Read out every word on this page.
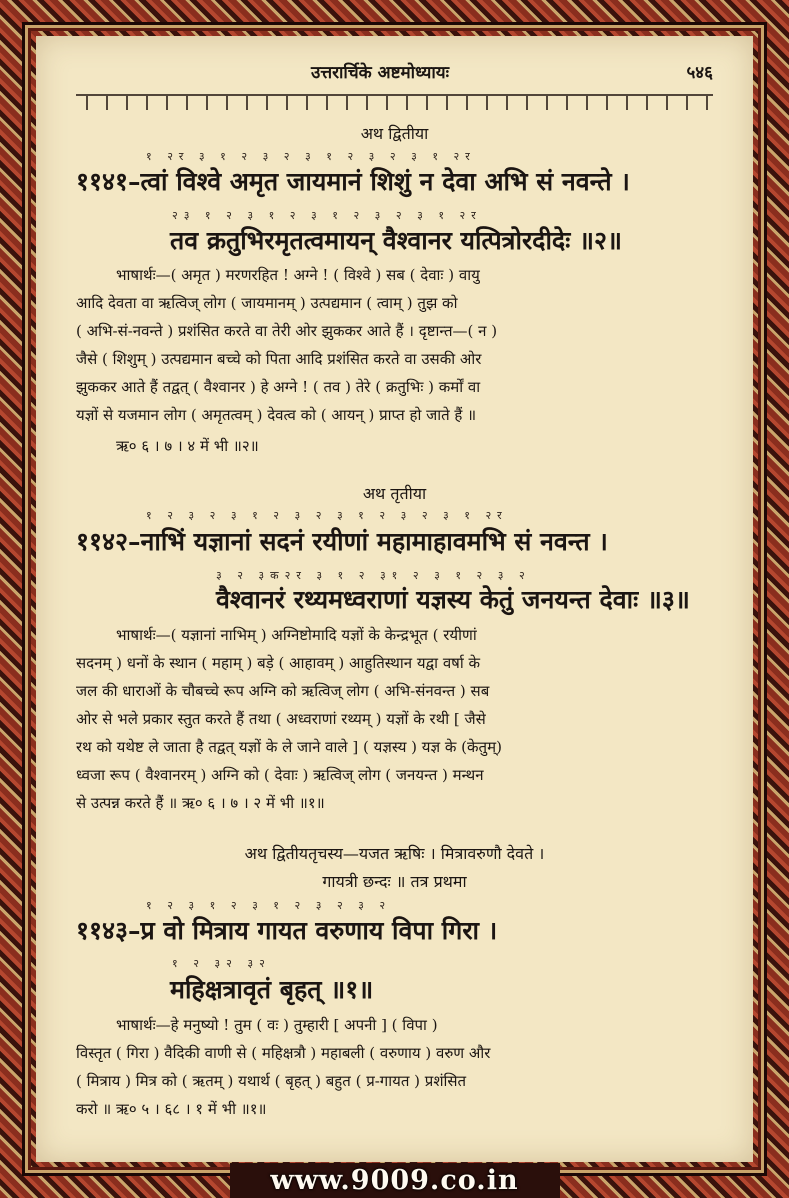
उत्तरार्चिके अष्टमोध्यायः	५४६
अथ द्वितीया
१ २र ३ १ २ ३ २ ३ १ २ ३ २ ३ १ २र
११४१–त्वां विश्वे अमृत जायमानं शिशुं न देवा अभि सं नवन्ते ।
२३ १ २ ३ १ २ ३ १ २ ३ २ ३ १ २र
तव क्रतुभिरमृतत्वमायन् वैश्वानर यत्पित्रोरदीदेः ॥२॥
भाषार्थः—( अमृत ) मरणरहित ! अग्ने ! ( विश्वे ) सब ( देवाः ) वायु
आदि देवता वा ऋत्विज् लोग ( जायमानम् ) उत्पद्यमान ( त्वाम् ) तुझ को
( अभि-सं-नवन्ते ) प्रशंसित करते वा तेरी ओर झुककर आते हैं । दृष्टान्त—( न )
जैसे ( शिशुम् ) उत्पद्यमान बच्चे को पिता आदि प्रशंसित करते वा उसकी ओर
झुककर आते हैं तद्वत् ( वैश्वानर ) हे अग्ने ! ( तव ) तेरे ( क्रतुभिः ) कर्मों वा
यज्ञों से यजमान लोग ( अमृतत्वम् ) देवत्व को ( आयन् ) प्राप्त हो जाते हैं ॥
ऋ० ६ । ७ । ४ में भी ॥२॥
अथ तृतीया
१ २ ३ २ ३ १ २ ३ २ ३ १ २ ३ २ ३ १ २र
११४२–नाभिं यज्ञानां सदनं रयीणां महामाहावमभि सं नवन्त ।
३ २ ३क२र ३ १ २ ३१ २ ३ १ २ ३ २
वैश्वानरं रथ्यमध्वराणां यज्ञस्य केतुं जनयन्त देवाः ॥३॥
भाषार्थः—( यज्ञानां नाभिम् ) अग्निष्टोमादि यज्ञों के केन्द्रभूत ( रयीणां
सदनम् ) धनों के स्थान ( महाम् ) बड़े ( आहावम् ) आहुतिस्थान यद्वा वर्षा के
जल की धाराओं के चौबच्चे रूप अग्नि को ऋत्विज् लोग ( अभि-संनवन्त ) सब
ओर से भले प्रकार स्तुत करते हैं तथा ( अध्वराणां रथ्यम् ) यज्ञों के रथी [ जैसे
रथ को यथेष्ट ले जाता है तद्वत् यज्ञों के ले जाने वाले ] ( यज्ञस्य ) यज्ञ के (केतुम्)
ध्वजा रूप ( वैश्वानरम् ) अग्नि को ( देवाः ) ऋत्विज् लोग ( जनयन्त ) मन्थन
से उत्पन्न करते हैं ॥ ऋ० ६ । ७ । २ में भी ॥१॥
अथ द्वितीयतृचस्य—यजत ऋषिः । मित्रावरुणौ देवते ।
गायत्री छन्दः ॥ तत्र प्रथमा
१ २ ३ १ २ ३ १ २ ३ २ ३ २
११४३–प्र वो मित्राय गायत वरुणाय विपा गिरा ।
१ २ ३२ ३२
महिक्षत्रावृतं बृहत् ॥१॥
भाषार्थः—हे मनुष्यो ! तुम ( वः ) तुम्हारी [ अपनी ] ( विपा )
विस्तृत ( गिरा ) वैदिकी वाणी से ( महिक्षत्रौ ) महाबली ( वरुणाय ) वरुण और
( मित्राय ) मित्र को ( ऋतम् ) यथार्थ ( बृहत् ) बहुत ( प्र-गायत ) प्रशंसित
करो ॥ ऋ० ५ । ६८ । १ में भी ॥१॥
www.9009.co.in
